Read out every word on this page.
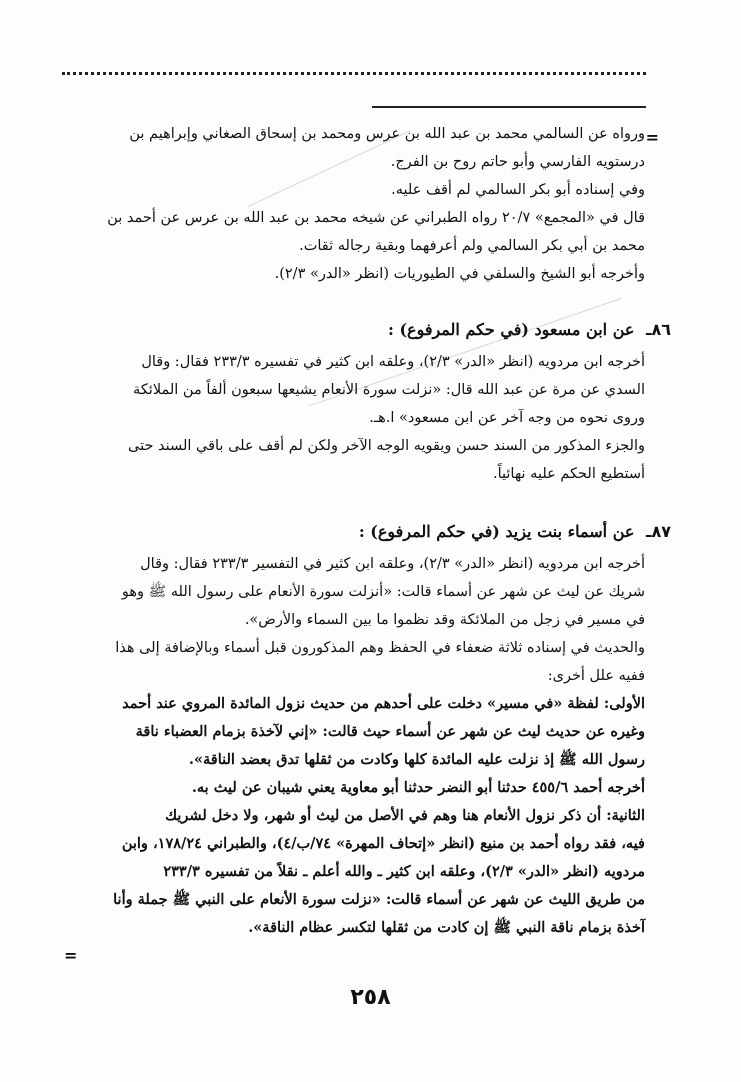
=

ورواه عن السالمي محمد بن عبد الله بن عرس ومحمد بن إسحاق الصغاني وإبراهيم بن

درستويه الفارسي وأبو حاتم روح بن الفرج.

وفي إسناده أبو بكر السالمي لم أقف عليه.

قال في «المجمع» ٢٠/٧ رواه الطبراني عن شيخه محمد بن عبد الله بن عرس عن أحمد بن

محمد بن أبي بكر السالمي ولم أعرفهما وبقية رجاله ثقات.

وأخرجه أبو الشيخ والسلفي في الطيوريات (انظر «الدر» ٢/٣).

٨٦ـ عن ابن مسعود (في حكم المرفوع) :

أخرجه ابن مردويه (انظر «الدر» ٢/٣)، وعلقه ابن كثير في تفسيره ٢٣٣/٣ فقال: وقال

السدي عن مرة عن عبد الله قال: «نزلت سورة الأنعام يشيعها سبعون ألفاً من الملائكة

وروى نحوه من وجه آخر عن ابن مسعود» ا.هـ.

والجزء المذكور من السند حسن ويقويه الوجه الآخر ولكن لم أقف على باقي السند حتى

أستطيع الحكم عليه نهائياً.

٨٧ـ عن أسماء بنت يزيد (في حكم المرفوع) :

أخرجه ابن مردويه (انظر «الدر» ٢/٣)، وعلقه ابن كثير في التفسير ٢٣٣/٣ فقال: وقال

شريك عن ليث عن شهر عن أسماء قالت: «أنزلت سورة الأنعام على رسول الله ﷺ وهو

في مسير في زجل من الملائكة وقد نظموا ما بين السماء والأرض».

والحديث في إسناده ثلاثة ضعفاء في الحفظ وهم المذكورون قبل أسماء وبالإضافة إلى هذا

ففيه علل أخرى:

الأولى: لفظة «في مسير» دخلت على أحدهم من حديث نزول المائدة المروي عند أحمد

وغيره عن حديث ليث عن شهر عن أسماء حيث قالت: «إني لآخذة بزمام العضباء ناقة

رسول الله ﷺ إذ نزلت عليه المائدة كلها وكادت من ثقلها تدق بعضد الناقة».

أخرجه أحمد ٤٥٥/٦ حدثنا أبو النضر حدثنا أبو معاوية يعني شيبان عن ليث به.

الثانية: أن ذكر نزول الأنعام هنا وهم في الأصل من ليث أو شهر، ولا دخل لشريك

فيه، فقد رواه أحمد بن منيع (انظر «إتحاف المهرة» ٧٤/ب/٤)، والطبراني ١٧٨/٢٤، وابن

مردويه (انظر «الدر» ٢/٣)، وعلقه ابن كثير ـ والله أعلم ـ نقلاً من تفسيره ٢٣٣/٣

من طريق الليث عن شهر عن أسماء قالت: «نزلت سورة الأنعام على النبي ﷺ جملة وأنا

آخذة بزمام ناقة النبي ﷺ إن كادت من ثقلها لتكسر عظام الناقة».

=
٢٥٨
